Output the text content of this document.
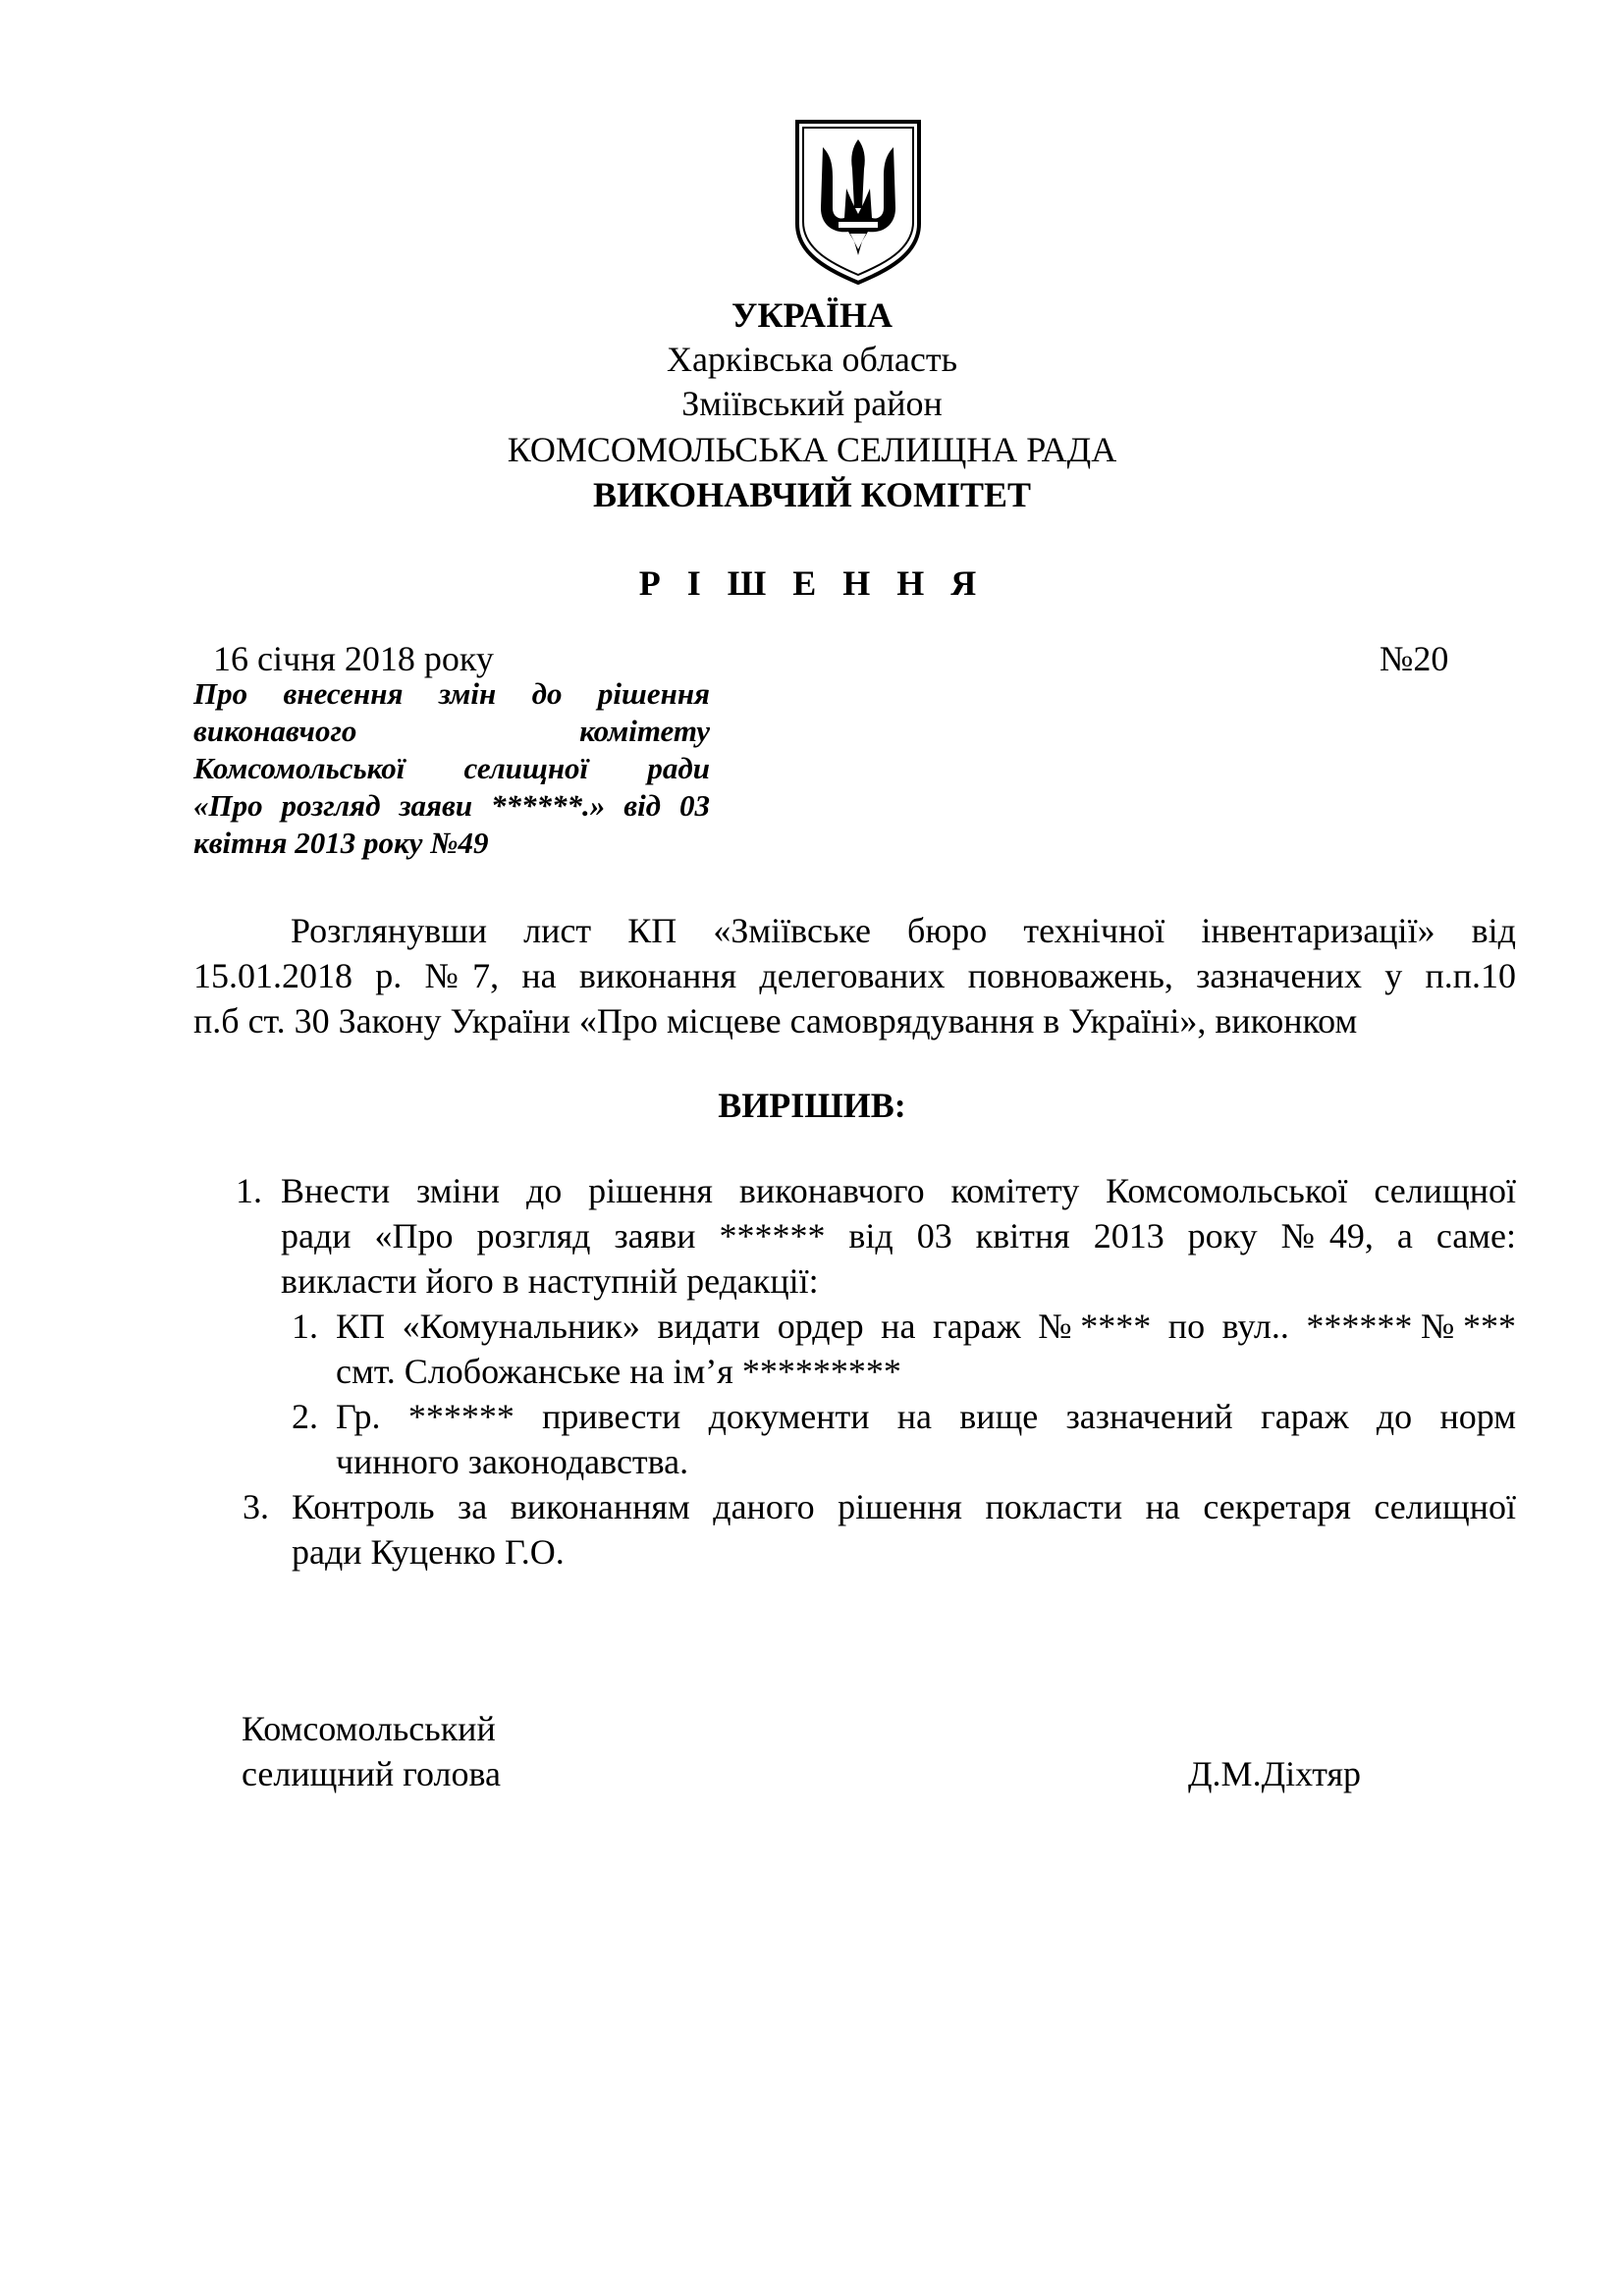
УКРАЇНА
Харківська область
Зміївський район
КОМСОМОЛЬСЬКА СЕЛИЩНА РАДА
ВИКОНАВЧИЙ КОМІТЕТ
Р І Ш Е Н Н Я
16 січня 2018 року	№20
Про внесення змін до рішення
виконавчого комітету
Комсомольської селищної ради
«Про розгляд заяви ******.» від 03
квітня 2013 року №49
Розглянувши лист КП «Зміївське бюро технічної інвентаризації» від
15.01.2018 р. №7, на виконання делегованих повноважень, зазначених у п.п.10
п.б ст. 30 Закону України «Про місцеве самоврядування в Україні», виконком
ВИРІШИВ:
1. Внести зміни до рішення виконавчого комітету Комсомольської селищної
ради «Про розгляд заяви ****** від 03 квітня 2013 року №49, а саме:
викласти його в наступній редакції:
1. КП «Комунальник» видати ордер на гараж №**** по вул.. ******№***
смт. Слобожанське на ім’я *********
2. Гр. ****** привести документи на вище зазначений гараж до норм
чинного законодавства.
3. Контроль за виконанням даного рішення покласти на секретаря селищної
ради Куценко Г.О.
Комсомольський
селищний голова	Д.М.Діхтяр
